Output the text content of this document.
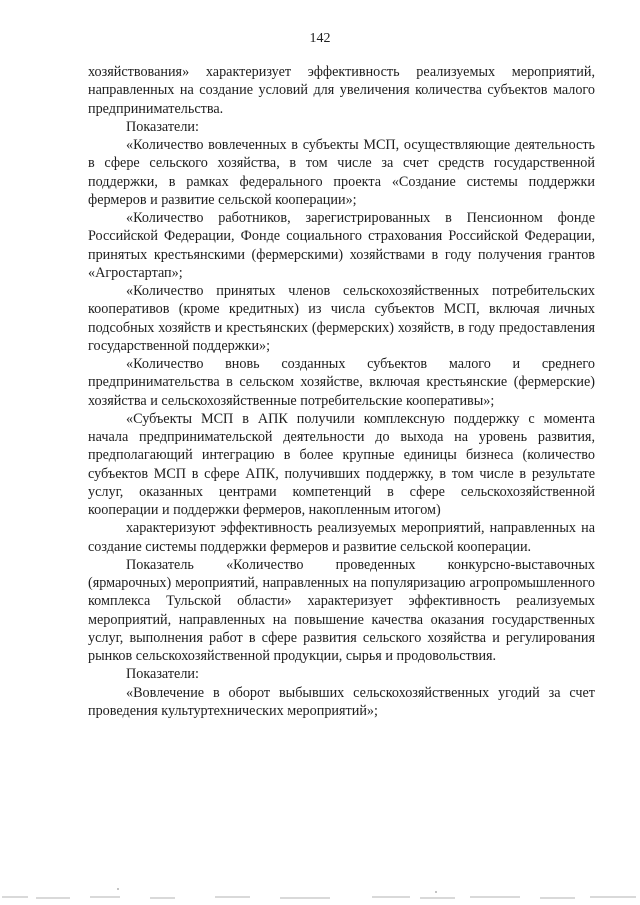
142

хозяйствования» характеризует эффективность реализуемых мероприятий, направленных на создание условий для увеличения количества субъектов малого предпринимательства.

Показатели:

«Количество вовлеченных в субъекты МСП, осуществляющие деятельность в сфере сельского хозяйства, в том числе за счет средств государственной поддержки, в рамках федерального проекта «Создание системы поддержки фермеров и развитие сельской кооперации»;

«Количество работников, зарегистрированных в Пенсионном фонде Российской Федерации, Фонде социального страхования Российской Федерации, принятых крестьянскими (фермерскими) хозяйствами в году получения грантов «Агростартап»;

«Количество принятых членов сельскохозяйственных потребительских кооперативов (кроме кредитных) из числа субъектов МСП, включая личных подсобных хозяйств и крестьянских (фермерских) хозяйств, в году предоставления государственной поддержки»;

«Количество вновь созданных субъектов малого и среднего предпринимательства в сельском хозяйстве, включая крестьянские (фермерские) хозяйства и сельскохозяйственные потребительские кооперативы»;

«Субъекты МСП в АПК получили комплексную поддержку с момента начала предпринимательской деятельности до выхода на уровень развития, предполагающий интеграцию в более крупные единицы бизнеса (количество субъектов МСП в сфере АПК, получивших поддержку, в том числе в результате услуг, оказанных центрами компетенций в сфере сельскохозяйственной кооперации и поддержки фермеров, накопленным итогом)

характеризуют эффективность реализуемых мероприятий, направленных на создание системы поддержки фермеров и развитие сельской кооперации.

Показатель «Количество проведенных конкурсно-выставочных (ярмарочных) мероприятий, направленных на популяризацию агропромышленного комплекса Тульской области» характеризует эффективность реализуемых мероприятий, направленных на повышение качества оказания государственных услуг, выполнения работ в сфере развития сельского хозяйства и регулирования рынков сельскохозяйственной продукции, сырья и продовольствия.

Показатели:

«Вовлечение в оборот выбывших сельскохозяйственных угодий за счет проведения культуртехнических мероприятий»;
